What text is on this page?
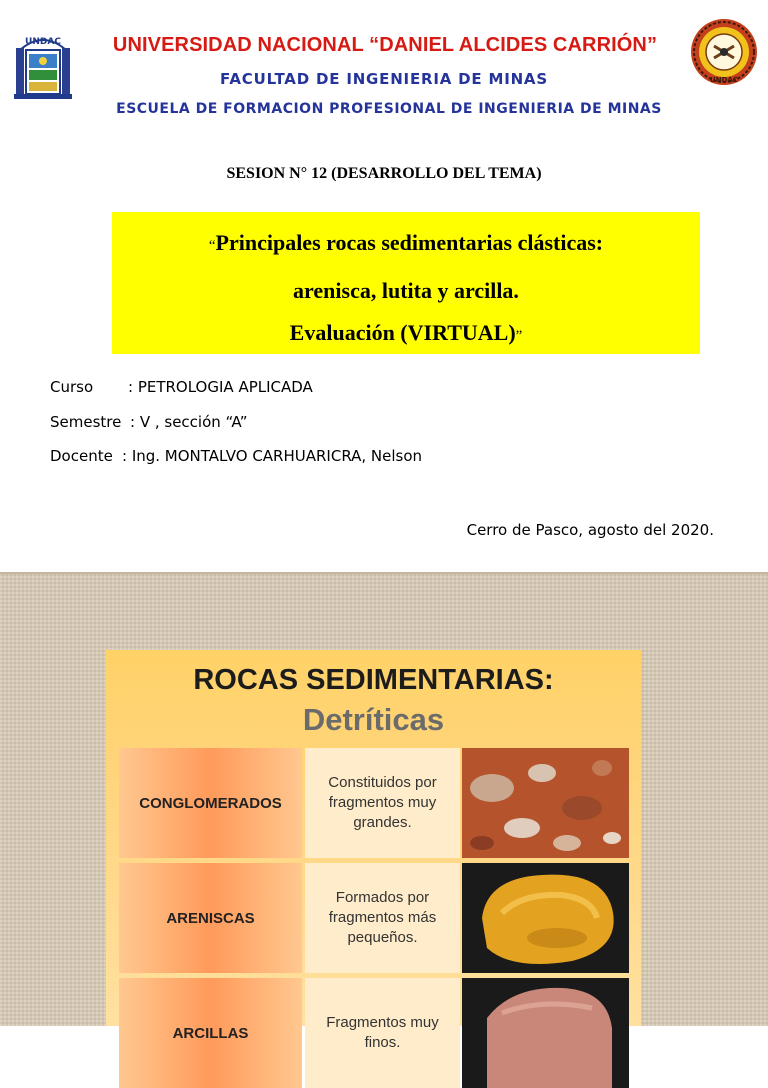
UNDAC
UNDAC
UNIVERSIDAD NACIONAL “DANIEL ALCIDES CARRIÓN”
FACULTAD DE INGENIERIA DE MINAS
ESCUELA DE FORMACION PROFESIONAL DE INGENIERIA DE MINAS
SESION N° 12 (DESARROLLO DEL TEMA)
“Principales rocas sedimentarias clásticas:
arenisca, lutita y arcilla.
Evaluación (VIRTUAL)”
Curso : PETROLOGIA APLICADA
Semestre : V , sección “A”
Docente : Ing. MONTALVO CARHUARICRA, Nelson
Cerro de Pasco, agosto del 2020.
ROCAS SEDIMENTARIAS:
Detríticas
CONGLOMERADOS
Constituidos por
fragmentos muy
grandes.
ARENISCAS
Formados por
fragmentos más
pequeños.
ARCILLAS
Fragmentos muy
finos.
